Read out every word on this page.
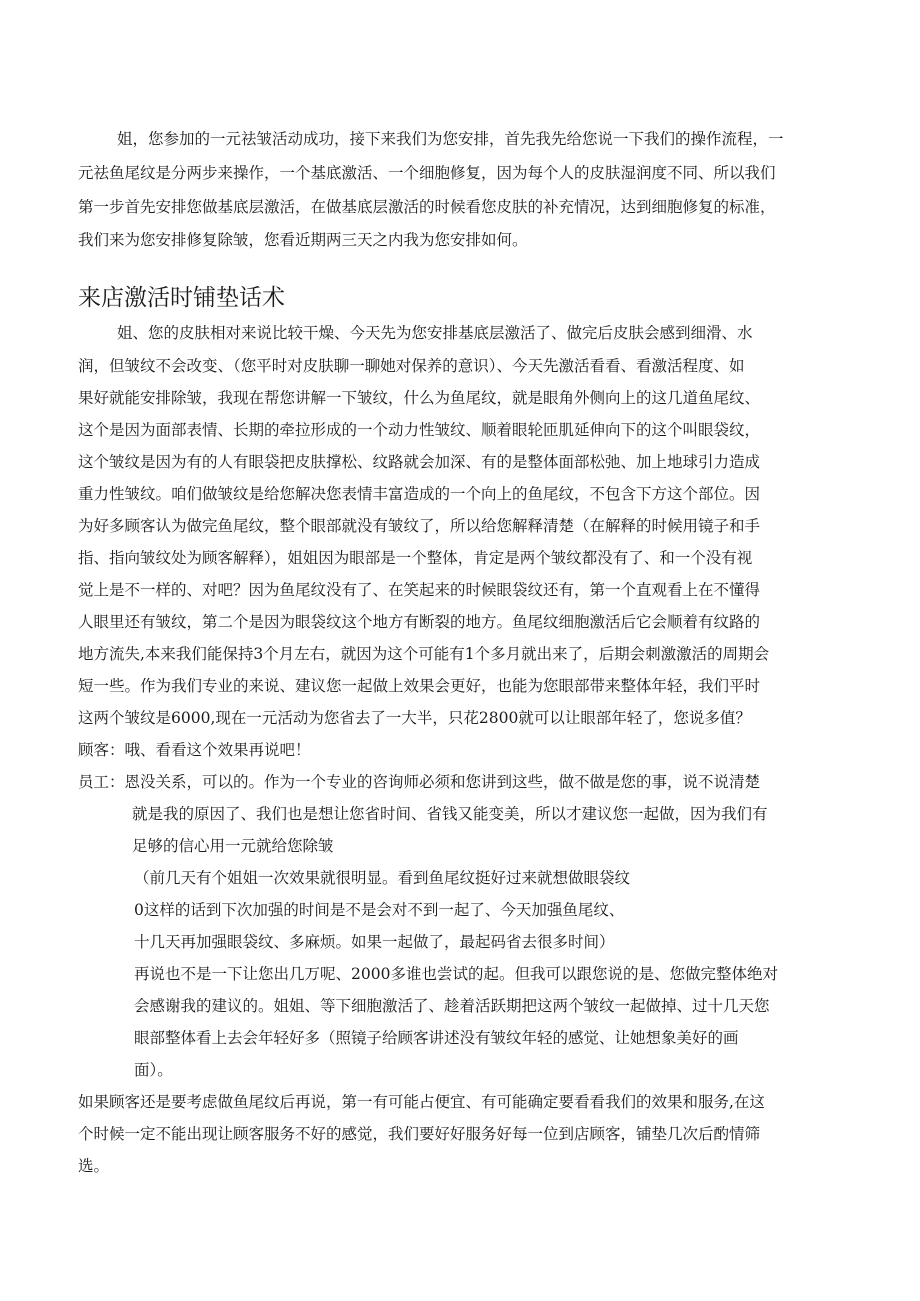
姐，您参加的一元祛皱活动成功，接下来我们为您安排，首先我先给您说一下我们的操作流程，一
元祛鱼尾纹是分两步来操作，一个基底激活、一个细胞修复，因为每个人的皮肤湿润度不同、所以我们
第一步首先安排您做基底层激活，在做基底层激活的时候看您皮肤的补充情况，达到细胞修复的标准，
我们来为您安排修复除皱，您看近期两三天之内我为您安排如何。
来店激活时铺垫话术
姐、您的皮肤相对来说比较干燥、今天先为您安排基底层激活了、做完后皮肤会感到细滑、水
润，但皱纹不会改变、（您平时对皮肤聊一聊她对保养的意识）、今天先激活看看、看激活程度、如
果好就能安排除皱，我现在帮您讲解一下皱纹，什么为鱼尾纹，就是眼角外侧向上的这几道鱼尾纹、
这个是因为面部表情、长期的牵拉形成的一个动力性皱纹、顺着眼轮匝肌延伸向下的这个叫眼袋纹，
这个皱纹是因为有的人有眼袋把皮肤撑松、纹路就会加深、有的是整体面部松弛、加上地球引力造成
重力性皱纹。咱们做皱纹是给您解决您表情丰富造成的一个向上的鱼尾纹，不包含下方这个部位。因
为好多顾客认为做完鱼尾纹，整个眼部就没有皱纹了，所以给您解释清楚（在解释的时候用镜子和手
指、指向皱纹处为顾客解释），姐姐因为眼部是一个整体，肯定是两个皱纹都没有了、和一个没有视
觉上是不一样的、对吧？因为鱼尾纹没有了、在笑起来的时候眼袋纹还有，第一个直观看上在不懂得
人眼里还有皱纹，第二个是因为眼袋纹这个地方有断裂的地方。鱼尾纹细胞激活后它会顺着有纹路的
地方流失,本来我们能保持3个月左右，就因为这个可能有1个多月就出来了，后期会刺激激活的周期会
短一些。作为我们专业的来说、建议您一起做上效果会更好，也能为您眼部带来整体年轻，我们平时
这两个皱纹是6000,现在一元活动为您省去了一大半，只花2800就可以让眼部年轻了，您说多值？
顾客：哦、看看这个效果再说吧！
员工：恩没关系，可以的。作为一个专业的咨询师必须和您讲到这些，做不做是您的事，说不说清楚
就是我的原因了、我们也是想让您省时间、省钱又能变美，所以才建议您一起做，因为我们有
足够的信心用一元就给您除皱
（前几天有个姐姐一次效果就很明显。看到鱼尾纹挺好过来就想做眼袋纹
0这样的话到下次加强的时间是不是会对不到一起了、今天加强鱼尾纹、
十几天再加强眼袋纹、多麻烦。如果一起做了，最起码省去很多时间）
再说也不是一下让您出几万呢、2000多谁也尝试的起。但我可以跟您说的是、您做完整体绝对
会感谢我的建议的。姐姐、等下细胞激活了、趁着活跃期把这两个皱纹一起做掉、过十几天您
眼部整体看上去会年轻好多（照镜子给顾客讲述没有皱纹年轻的感觉、让她想象美好的画
面）。
如果顾客还是要考虑做鱼尾纹后再说，第一有可能占便宜、有可能确定要看看我们的效果和服务,在这
个时候一定不能出现让顾客服务不好的感觉，我们要好好服务好每一位到店顾客，铺垫几次后酌情筛
选。
